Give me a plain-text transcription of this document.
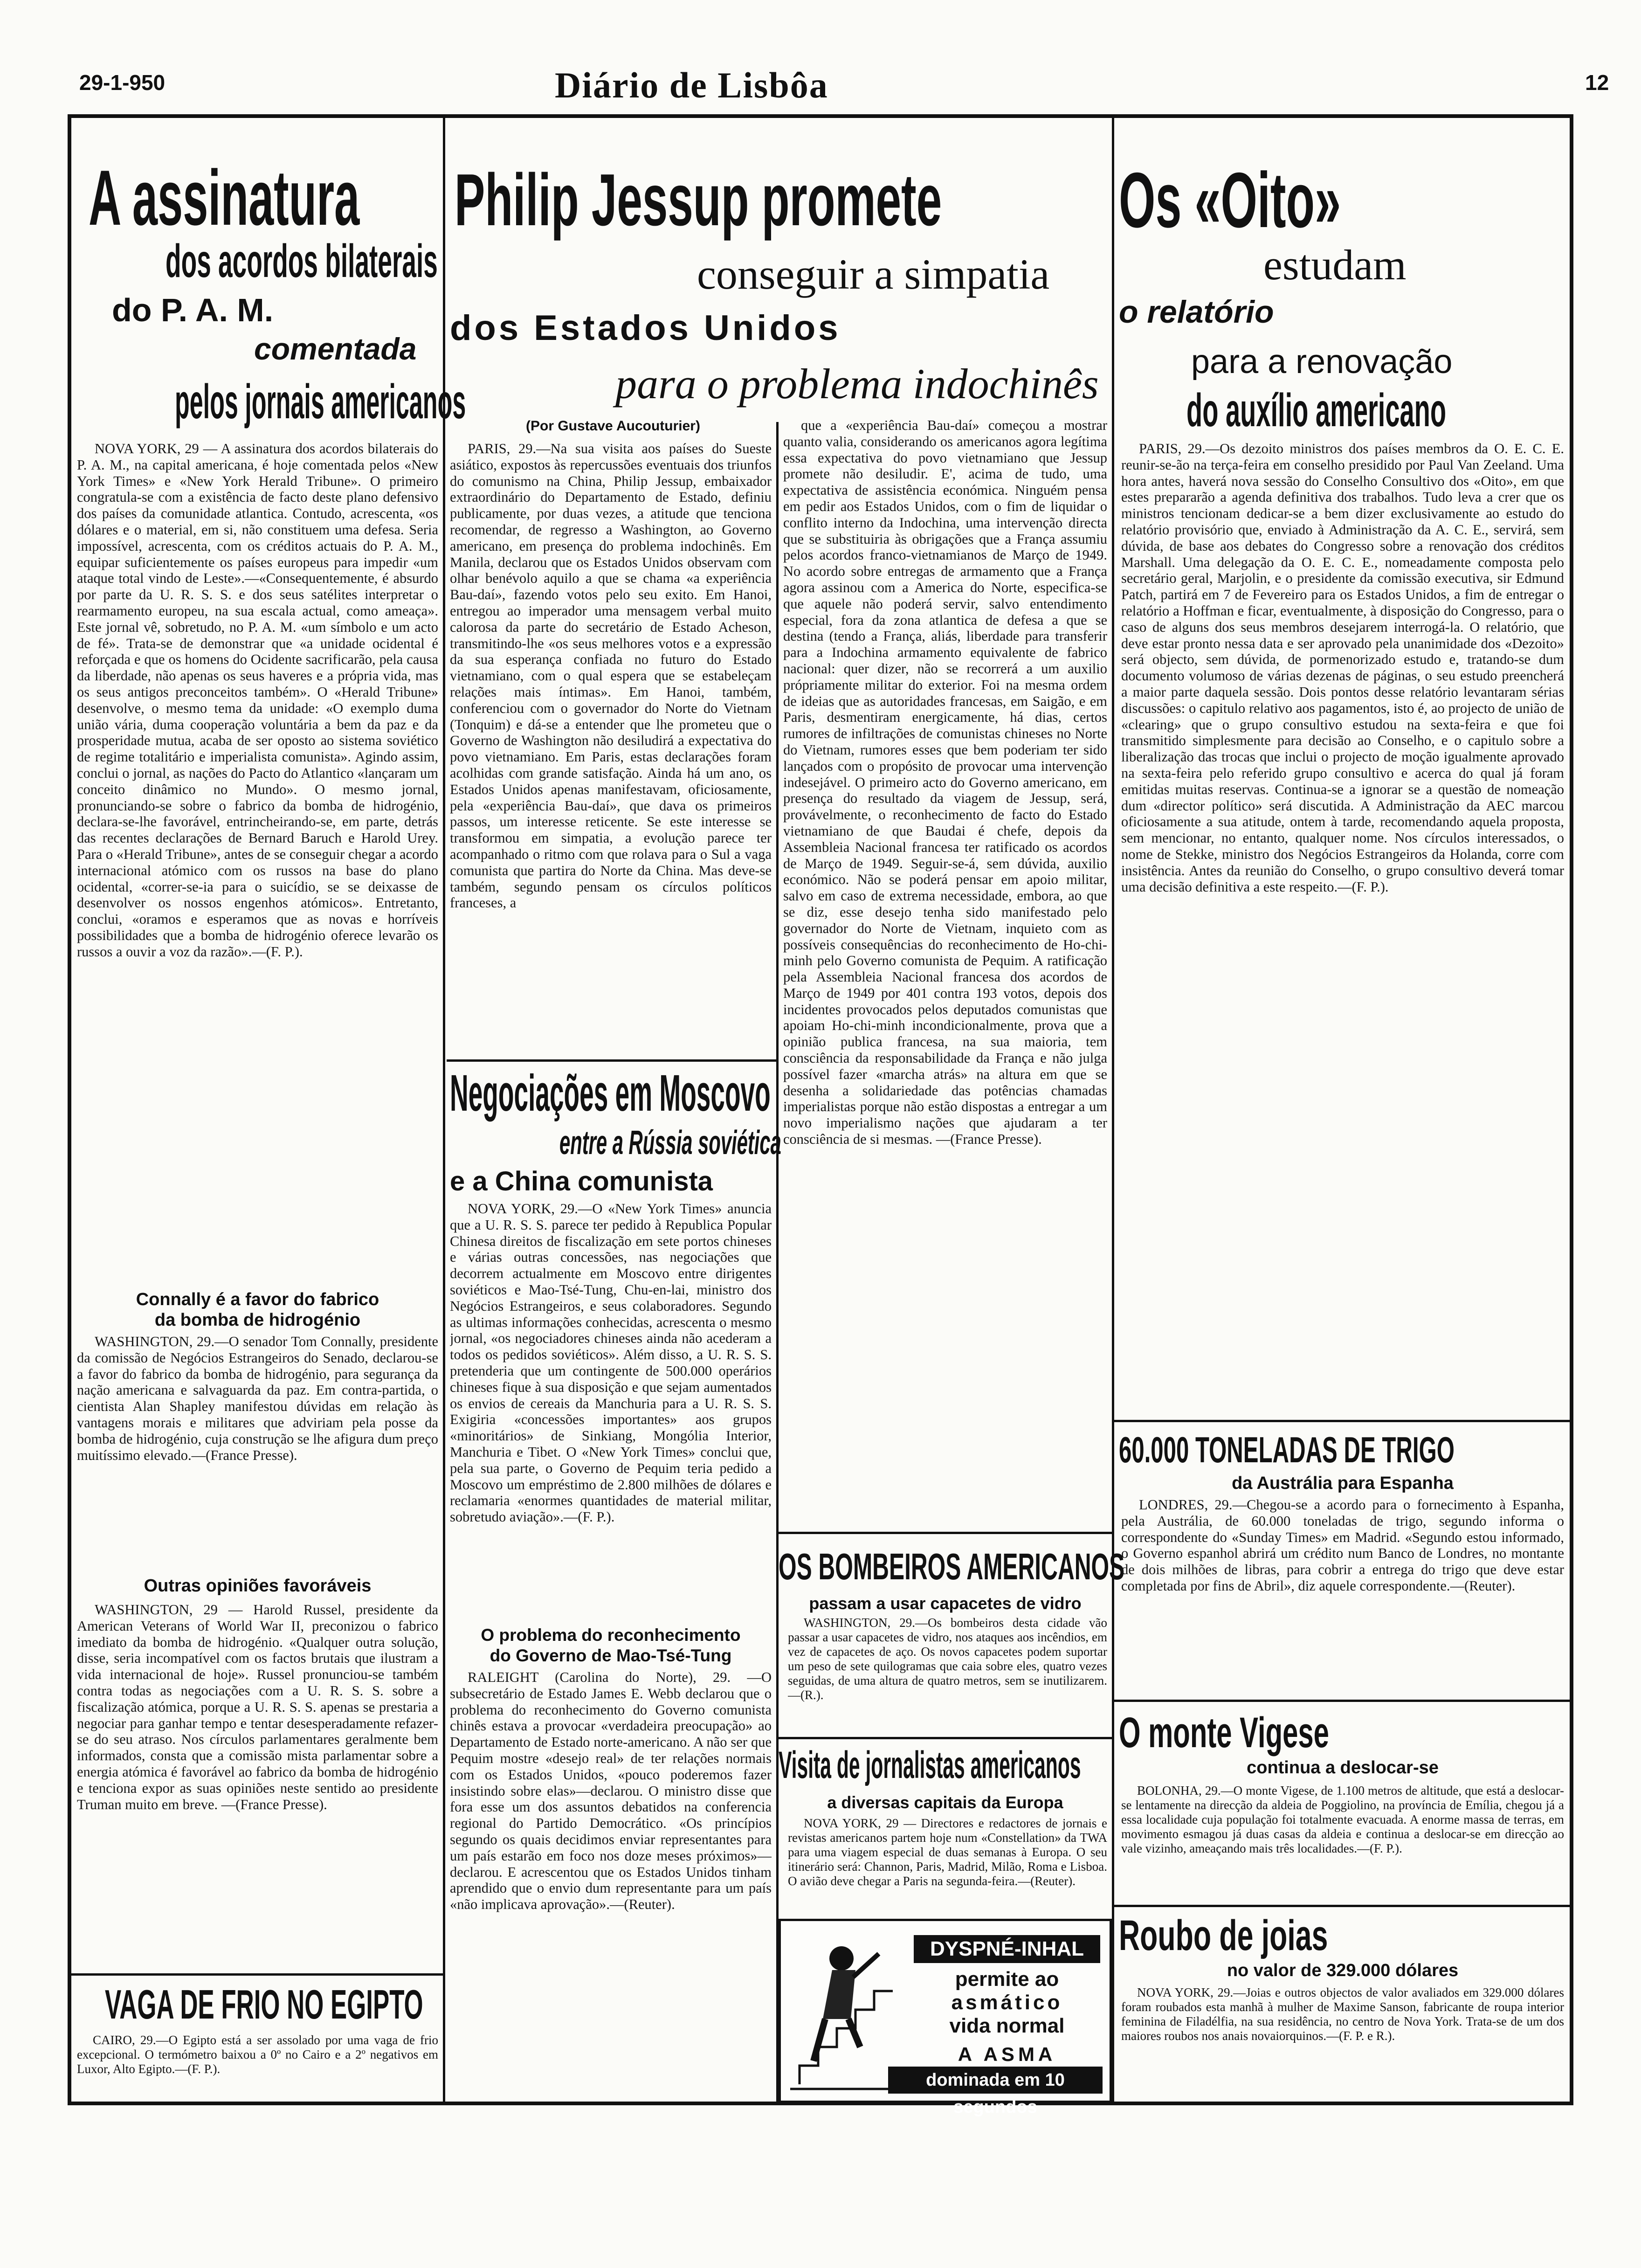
29-1-950	Diário de Lisbôa	12
A assinatura
dos acordos bilaterais
do P. A. M.
comentada
pelos jornais americanos

NOVA YORK, 29 — A assinatura dos acordos bilaterais do P. A. M., na capital americana, é hoje comentada pelos «New York Times» e «New York Herald Tribune». O primeiro congratula-se com a existência de facto deste plano defensivo dos países da comunidade atlantica. Contudo, acrescenta, «os dólares e o material, em si, não constituem uma defesa. Seria impossível, acrescenta, com os créditos actuais do P. A. M., equipar suficientemente os países europeus para impedir «um ataque total vindo de Leste».—«Consequentemente, é absurdo por parte da U. R. S. S. e dos seus satélites interpretar o rearmamento europeu, na sua escala actual, como ameaça». Este jornal vê, sobretudo, no P. A. M. «um símbolo e um acto de fé». Trata-se de demonstrar que «a unidade ocidental é reforçada e que os homens do Ocidente sacrificarão, pela causa da liberdade, não apenas os seus haveres e a própria vida, mas os seus antigos preconceitos também». O «Herald Tribune» desenvolve, o mesmo tema da unidade: «O exemplo duma união vária, duma cooperação voluntária a bem da paz e da prosperidade mutua, acaba de ser oposto ao sistema soviético de regime totalitário e imperialista comunista». Agindo assim, conclui o jornal, as nações do Pacto do Atlantico «lançaram um conceito dinâmico no Mundo». O mesmo jornal, pronunciando-se sobre o fabrico da bomba de hidrogénio, declara-se-lhe favorável, entrincheirando-se, em parte, detrás das recentes declarações de Bernard Baruch e Harold Urey. Para o «Herald Tribune», antes de se conseguir chegar a acordo internacional atómico com os russos na base do plano ocidental, «correr-se-ia para o suicídio, se se deixasse de desenvolver os nossos engenhos atómicos». Entretanto, conclui, «oramos e esperamos que as novas e horríveis possibilidades que a bomba de hidrogénio oferece levarão os russos a ouvir a voz da razão».—(F. P.).

Connally é a favor do fabrico
da bomba de hidrogénio

WASHINGTON, 29.—O senador Tom Connally, presidente da comissão de Negócios Estrangeiros do Senado, declarou-se a favor do fabrico da bomba de hidrogénio, para segurança da nação americana e salvaguarda da paz. Em contra-partida, o cientista Alan Shapley manifestou dúvidas em relação às vantagens morais e militares que adviriam pela posse da bomba de hidrogénio, cuja construção se lhe afigura dum preço muitíssimo elevado.—(France Presse).

Outras opiniões favoráveis

WASHINGTON, 29 — Harold Russel, presidente da American Veterans of World War II, preconizou o fabrico imediato da bomba de hidrogénio. «Qualquer outra solução, disse, seria incompatível com os factos brutais que ilustram a vida internacional de hoje». Russel pronunciou-se também contra todas as negociações com a U. R. S. S. sobre a fiscalização atómica, porque a U. R. S. S. apenas se prestaria a negociar para ganhar tempo e tentar desesperadamente refazer-se do seu atraso. Nos círculos parlamentares geralmente bem informados, consta que a comissão mista parlamentar sobre a energia atómica é favorável ao fabrico da bomba de hidrogénio e tenciona expor as suas opiniões neste sentido ao presidente Truman muito em breve. —(France Presse).

VAGA DE FRIO NO EGIPTO

CAIRO, 29.—O Egipto está a ser assolado por uma vaga de frio excepcional. O termómetro baixou a 0º no Cairo e a 2º negativos em Luxor, Alto Egipto.—(F. P.).

Philip Jessup promete
conseguir a simpatia
dos Estados Unidos
para o problema indochinês
(Por Gustave Aucouturier)

PARIS, 29.—Na sua visita aos países do Sueste asiático, expostos às repercussões eventuais dos triunfos do comunismo na China, Philip Jessup, embaixador extraordinário do Departamento de Estado, definiu publicamente, por duas vezes, a atitude que tenciona recomendar, de regresso a Washington, ao Governo americano, em presença do problema indochinês. Em Manila, declarou que os Estados Unidos observam com olhar benévolo aquilo a que se chama «a experiência Bau-daí», fazendo votos pelo seu exito. Em Hanoi, entregou ao imperador uma mensagem verbal muito calorosa da parte do secretário de Estado Acheson, transmitindo-lhe «os seus melhores votos e a expressão da sua esperança confiada no futuro do Estado vietnamiano, com o qual espera que se estabeleçam relações mais íntimas». Em Hanoi, também, conferenciou com o governador do Norte do Vietnam (Tonquim) e dá-se a entender que lhe prometeu que o Governo de Washington não desiludirá a expectativa do povo vietnamiano. Em Paris, estas declarações foram acolhidas com grande satisfação. Ainda há um ano, os Estados Unidos apenas manifestavam, oficiosamente, pela «experiência Bau-daí», que dava os primeiros passos, um interesse reticente. Se este interesse se transformou em simpatia, a evolução parece ter acompanhado o ritmo com que rolava para o Sul a vaga comunista que partira do Norte da China. Mas deve-se também, segundo pensam os círculos políticos franceses, a

que a «experiência Bau-daí» começou a mostrar quanto valia, considerando os americanos agora legítima essa expectativa do povo vietnamiano que Jessup promete não desiludir. E', acima de tudo, uma expectativa de assistência económica. Ninguém pensa em pedir aos Estados Unidos, com o fim de liquidar o conflito interno da Indochina, uma intervenção directa que se substituiria às obrigações que a França assumiu pelos acordos franco-vietnamianos de Março de 1949. No acordo sobre entregas de armamento que a França agora assinou com a America do Norte, especifica-se que aquele não poderá servir, salvo entendimento especial, fora da zona atlantica de defesa a que se destina (tendo a França, aliás, liberdade para transferir para a Indochina armamento equivalente de fabrico nacional: quer dizer, não se recorrerá a um auxilio própriamente militar do exterior. Foi na mesma ordem de ideias que as autoridades francesas, em Saigão, e em Paris, desmentiram energicamente, há dias, certos rumores de infiltrações de comunistas chineses no Norte do Vietnam, rumores esses que bem poderiam ter sido lançados com o propósito de provocar uma intervenção indesejável. O primeiro acto do Governo americano, em presença do resultado da viagem de Jessup, será, provávelmente, o reconhecimento de facto do Estado vietnamiano de que Baudai é chefe, depois da Assembleia Nacional francesa ter ratificado os acordos de Março de 1949. Seguir-se-á, sem dúvida, auxilio económico. Não se poderá pensar em apoio militar, salvo em caso de extrema necessidade, embora, ao que se diz, esse desejo tenha sido manifestado pelo governador do Norte de Vietnam, inquieto com as possíveis consequências do reconhecimento de Ho-chi-minh pelo Governo comunista de Pequim. A ratificação pela Assembleia Nacional francesa dos acordos de Março de 1949 por 401 contra 193 votos, depois dos incidentes provocados pelos deputados comunistas que apoiam Ho-chi-minh incondicionalmente, prova que a opinião publica francesa, na sua maioria, tem consciência da responsabilidade da França e não julga possível fazer «marcha atrás» na altura em que se desenha a solidariedade das potências chamadas imperialistas porque não estão dispostas a entregar a um novo imperialismo nações que ajudaram a ter consciência de si mesmas. —(France Presse).

Negociações em Moscovo
entre a Rússia soviética
e a China comunista

NOVA YORK, 29.—O «New York Times» anuncia que a U. R. S. S. parece ter pedido à Republica Popular Chinesa direitos de fiscalização em sete portos chineses e várias outras concessões, nas negociações que decorrem actualmente em Moscovo entre dirigentes soviéticos e Mao-Tsé-Tung, Chu-en-lai, ministro dos Negócios Estrangeiros, e seus colaboradores. Segundo as ultimas informações conhecidas, acrescenta o mesmo jornal, «os negociadores chineses ainda não acederam a todos os pedidos soviéticos». Além disso, a U. R. S. S. pretenderia que um contingente de 500.000 operários chineses fique à sua disposição e que sejam aumentados os envios de cereais da Manchuria para a U. R. S. S. Exigiria «concessões importantes» aos grupos «minoritários» de Sinkiang, Mongólia Interior, Manchuria e Tibet. O «New York Times» conclui que, pela sua parte, o Governo de Pequim teria pedido a Moscovo um empréstimo de 2.800 milhões de dólares e reclamaria «enormes quantidades de material militar, sobretudo aviação».—(F. P.).

O problema do reconhecimento
do Governo de Mao-Tsé-Tung

RALEIGHT (Carolina do Norte), 29. —O subsecretário de Estado James E. Webb declarou que o problema do reconhecimento do Governo comunista chinês estava a provocar «verdadeira preocupação» ao Departamento de Estado norte-americano. A não ser que Pequim mostre «desejo real» de ter relações normais com os Estados Unidos, «pouco poderemos fazer insistindo sobre elas»—declarou. O ministro disse que fora esse um dos assuntos debatidos na conferencia regional do Partido Democrático. «Os princípios segundo os quais decidimos enviar representantes para um país estarão em foco nos doze meses próximos»—declarou. E acrescentou que os Estados Unidos tinham aprendido que o envio dum representante para um país «não implicava aprovação».—(Reuter).

OS BOMBEIROS AMERICANOS
passam a usar capacetes de vidro

WASHINGTON, 29.—Os bombeiros desta cidade vão passar a usar capacetes de vidro, nos ataques aos incêndios, em vez de capacetes de aço. Os novos capacetes podem suportar um peso de sete quilogramas que caia sobre eles, quatro vezes seguidas, de uma altura de quatro metros, sem se inutilizarem.—(R.).

Visita de jornalistas americanos
a diversas capitais da Europa

NOVA YORK, 29 — Directores e redactores de jornais e revistas americanos partem hoje num «Constellation» da TWA para uma viagem especial de duas semanas à Europa. O seu itinerário será: Channon, Paris, Madrid, Milão, Roma e Lisboa. O avião deve chegar a Paris na segunda-feira.—(Reuter).

DYSPNÉ-INHAL
permite ao
asmático
vida normal
A ASMA
dominada em 10 segundos
Os «Oito»
estudam
o relatório
para a renovação
do auxílio americano

PARIS, 29.—Os dezoito ministros dos países membros da O. E. C. E. reunir-se-ão na terça-feira em conselho presidido por Paul Van Zeeland. Uma hora antes, haverá nova sessão do Conselho Consultivo dos «Oito», em que estes prepararão a agenda definitiva dos trabalhos. Tudo leva a crer que os ministros tencionam dedicar-se a bem dizer exclusivamente ao estudo do relatório provisório que, enviado à Administração da A. C. E., servirá, sem dúvida, de base aos debates do Congresso sobre a renovação dos créditos Marshall. Uma delegação da O. E. C. E., nomeadamente composta pelo secretário geral, Marjolin, e o presidente da comissão executiva, sir Edmund Patch, partirá em 7 de Fevereiro para os Estados Unidos, a fim de entregar o relatório a Hoffman e ficar, eventualmente, à disposição do Congresso, para o caso de alguns dos seus membros desejarem interrogá-la. O relatório, que deve estar pronto nessa data e ser aprovado pela unanimidade dos «Dezoito» será objecto, sem dúvida, de pormenorizado estudo e, tratando-se dum documento volumoso de várias dezenas de páginas, o seu estudo preencherá a maior parte daquela sessão. Dois pontos desse relatório levantaram sérias discussões: o capitulo relativo aos pagamentos, isto é, ao projecto de união de «clearing» que o grupo consultivo estudou na sexta-feira e que foi transmitido simplesmente para decisão ao Conselho, e o capitulo sobre a liberalização das trocas que inclui o projecto de moção igualmente aprovado na sexta-feira pelo referido grupo consultivo e acerca do qual já foram emitidas muitas reservas. Continua-se a ignorar se a questão de nomeação dum «director político» será discutida. A Administração da AEC marcou oficiosamente a sua atitude, ontem à tarde, recomendando aquela proposta, sem mencionar, no entanto, qualquer nome. Nos círculos interessados, o nome de Stekke, ministro dos Negócios Estrangeiros da Holanda, corre com insistência. Antes da reunião do Conselho, o grupo consultivo deverá tomar uma decisão definitiva a este respeito.—(F. P.).

60.000 TONELADAS DE TRIGO
da Austrália para Espanha

LONDRES, 29.—Chegou-se a acordo para o fornecimento à Espanha, pela Austrália, de 60.000 toneladas de trigo, segundo informa o correspondente do «Sunday Times» em Madrid. «Segundo estou informado, o Governo espanhol abrirá um crédito num Banco de Londres, no montante de dois milhões de libras, para cobrir a entrega do trigo que deve estar completada por fins de Abril», diz aquele correspondente.—(Reuter).

O monte Vigese
continua a deslocar-se

BOLONHA, 29.—O monte Vigese, de 1.100 metros de altitude, que está a deslocar-se lentamente na direcção da aldeia de Poggiolino, na província de Emília, chegou já a essa localidade cuja população foi totalmente evacuada. A enorme massa de terras, em movimento esmagou já duas casas da aldeia e continua a deslocar-se em direcção ao vale vizinho, ameaçando mais três localidades.—(F. P.).

Roubo de joias
no valor de 329.000 dólares

NOVA YORK, 29.—Joias e outros objectos de valor avaliados em 329.000 dólares foram roubados esta manhã à mulher de Maxime Sanson, fabricante de roupa interior feminina de Filadélfia, na sua residência, no centro de Nova York. Trata-se de um dos maiores roubos nos anais novaiorquinos.—(F. P. e R.).
